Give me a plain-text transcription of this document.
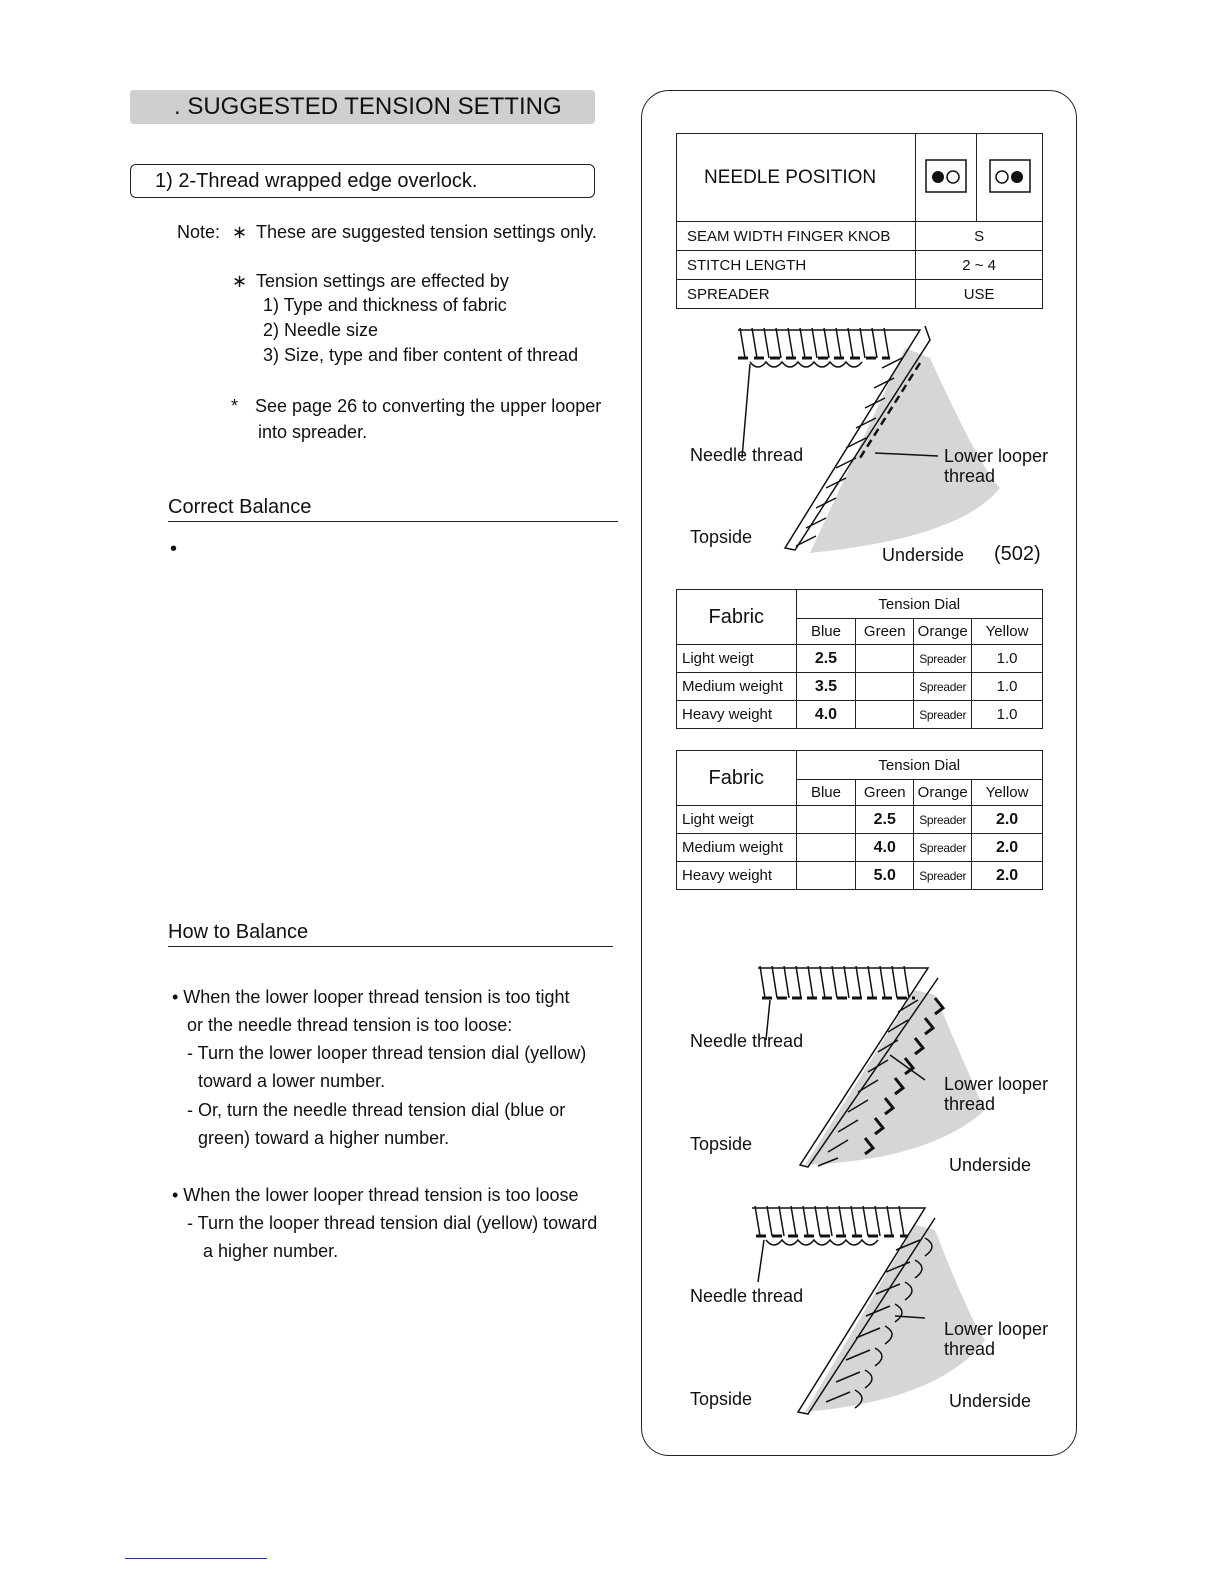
. SUGGESTED TENSION SETTING
1) 2-Thread wrapped edge overlock.
Note: ∗ These are suggested tension settings only.
∗ Tension settings are effected by
1) Type and thickness of fabric
2) Needle size
3) Size, type and fiber content of thread
* See page 26 to converting the upper looper
into spreader.
Correct Balance
•
How to Balance
• When the lower looper thread tension is too tight
or the needle thread tension is too loose:
- Turn the lower looper thread tension dial (yellow)
toward a lower number.
- Or, turn the needle thread tension dial (blue or
green) toward a higher number.
• When the lower looper thread tension is too loose
- Turn the looper thread tension dial (yellow) toward
a higher number.
NEEDLE POSITION		
SEAM WIDTH FINGER KNOB	S	
STITCH LENGTH	2 ~ 4	
SPREADER	USE	
Needle thread	Lower looper
thread
Topside
Underside (502)
Fabric	Tension Dial			
	Blue	Green	Orange	Yellow
Light weigt	2.5		Spreader	1.0
Medium weight	3.5		Spreader	1.0
Heavy weight	4.0		Spreader	1.0
Fabric	Tension Dial			
	Blue	Green	Orange	Yellow
Light weigt		2.5	Spreader	2.0
Medium weight		4.0	Spreader	2.0
Heavy weight		5.0	Spreader	2.0
Needle thread
Lower looper
thread
Topside
Underside
Needle thread
Lower looper
thread
Topside	Underside
